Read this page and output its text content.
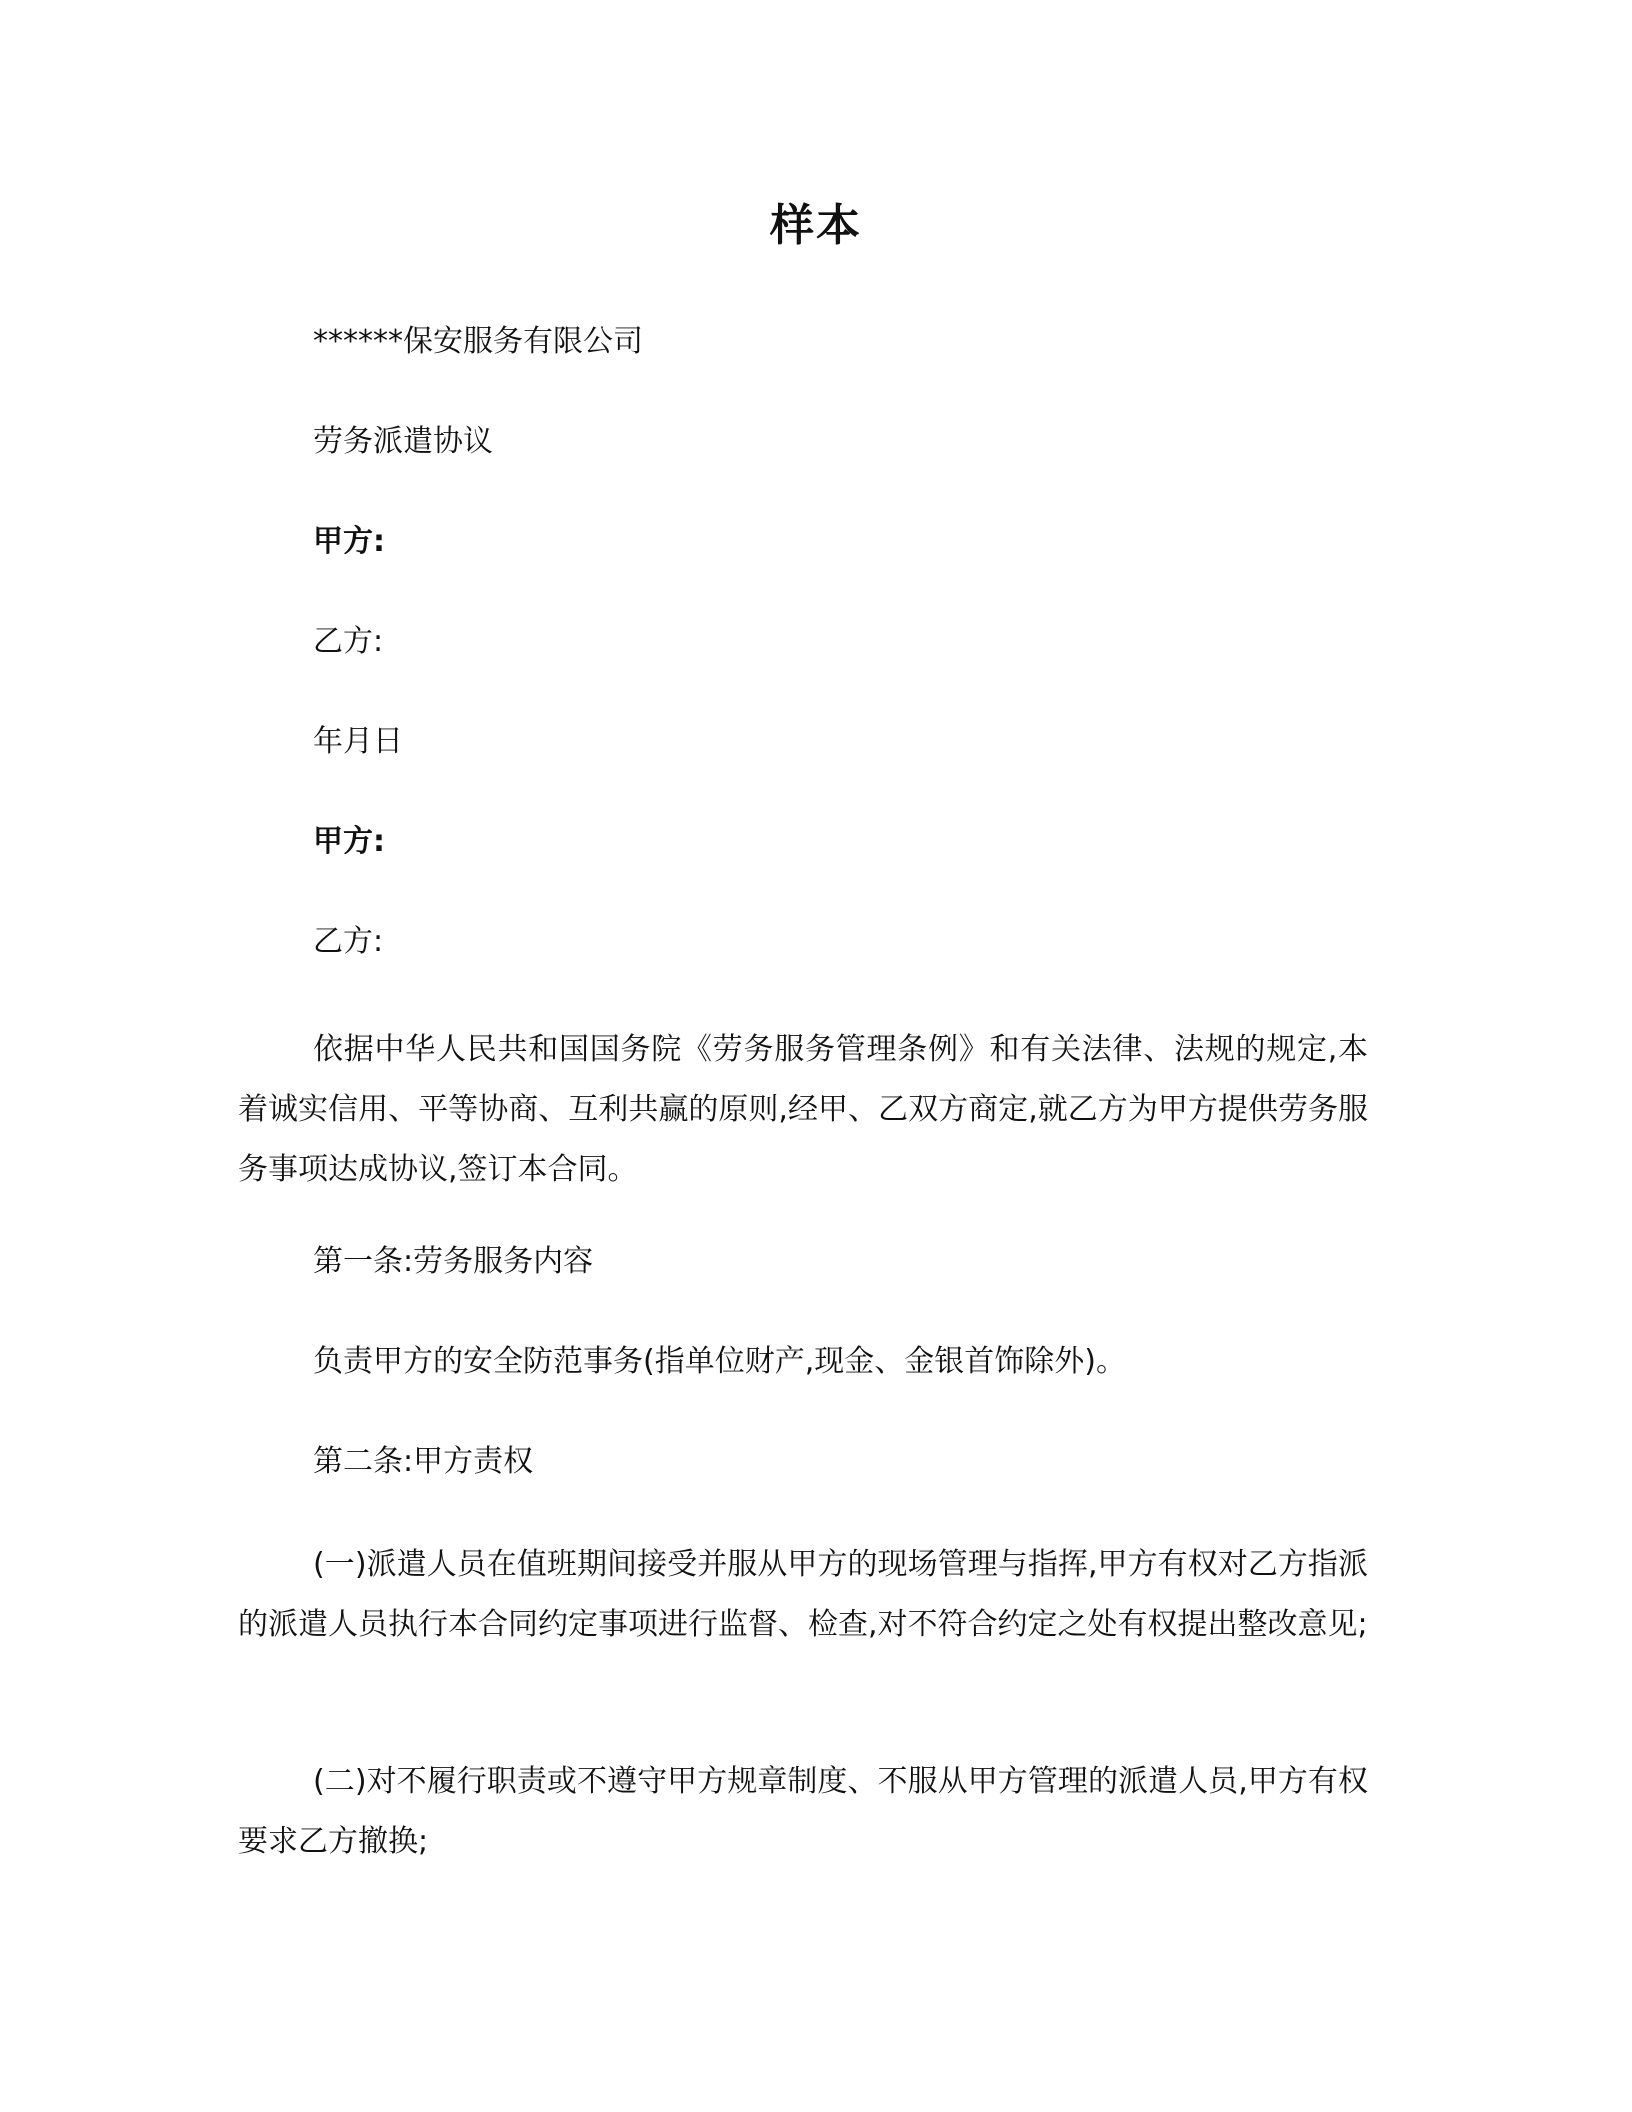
样本
******保安服务有限公司
劳务派遣协议
甲方:
乙方:
年月日
甲方:
乙方:
依据中华人民共和国国务院《劳务服务管理条例》和有关法律、法规的规定,本着诚实信用、平等协商、互利共赢的原则,经甲、乙双方商定,就乙方为甲方提供劳务服务事项达成协议,签订本合同。
第一条:劳务服务内容
负责甲方的安全防范事务(指单位财产,现金、金银首饰除外)。
第二条:甲方责权
(一)派遣人员在值班期间接受并服从甲方的现场管理与指挥,甲方有权对乙方指派的派遣人员执行本合同约定事项进行监督、检查,对不符合约定之处有权提出整改意见;
(二)对不履行职责或不遵守甲方规章制度、不服从甲方管理的派遣人员,甲方有权要求乙方撤换;
